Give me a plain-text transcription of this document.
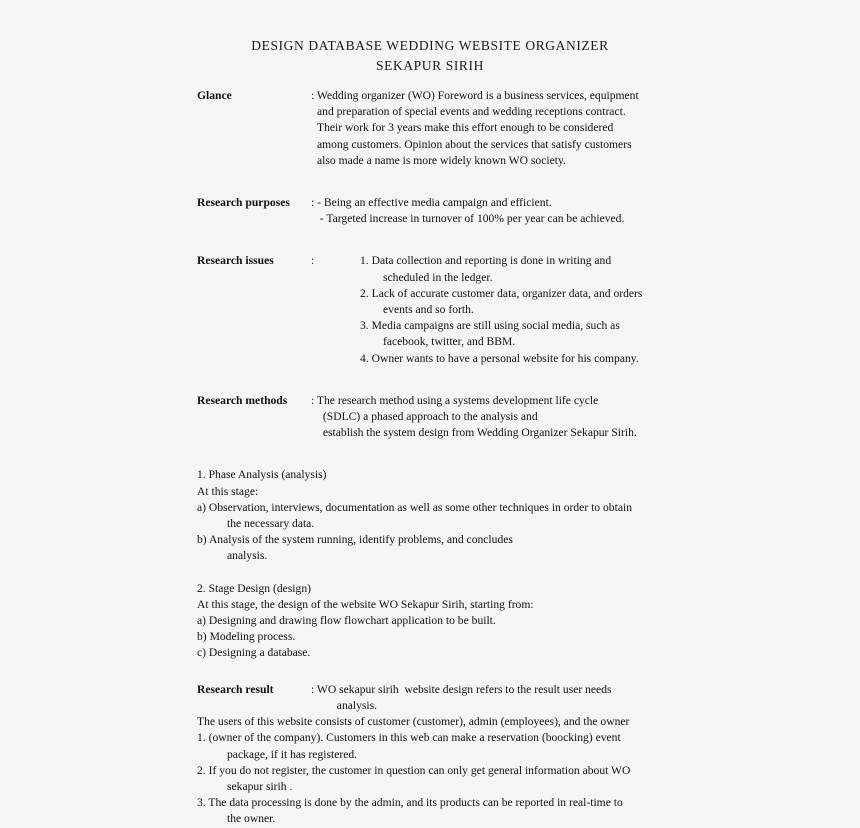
DESIGN DATABASE WEDDING WEBSITE ORGANIZER
SEKAPUR SIRIH
Glance	: Wedding organizer (WO) Foreword is a business services, equipment
and preparation of special events and wedding receptions contract.
Their work for 3 years make this effort enough to be considered
among customers. Opinion about the services that satisfy customers
also made a name is more widely known WO society.
Research purposes	: - Being an effective media campaign and efficient.
- Targeted increase in turnover of 100% per year can be achieved.
Research issues	:	1. Data collection and reporting is done in writing and
scheduled in the ledger.
2. Lack of accurate customer data, organizer data, and orders
events and so forth.
3. Media campaigns are still using social media, such as
facebook, twitter, and BBM.
4. Owner wants to have a personal website for his company.
Research methods	: The research method using a systems development life cycle
(SDLC) a phased approach to the analysis and
establish the system design from Wedding Organizer Sekapur Sirih.
1. Phase Analysis (analysis)
At this stage:
a) Observation, interviews, documentation as well as some other techniques in order to obtain
the necessary data.
b) Analysis of the system running, identify problems, and concludes
analysis.
2. Stage Design (design)
At this stage, the design of the website WO Sekapur Sirih, starting from:
a) Designing and drawing flow flowchart application to be built.
b) Modeling process.
c) Designing a database.
Research result	: WO sekapur sirih  website design refers to the result user needs
analysis.
The users of this website consists of customer (customer), admin (employees), and the owner
1. (owner of the company). Customers in this web can make a reservation (boocking) event
package, if it has registered.
2. If you do not register, the customer in question can only get general information about WO
sekapur sirih .
3. The data processing is done by the admin, and its products can be reported in real-time to
the owner.
